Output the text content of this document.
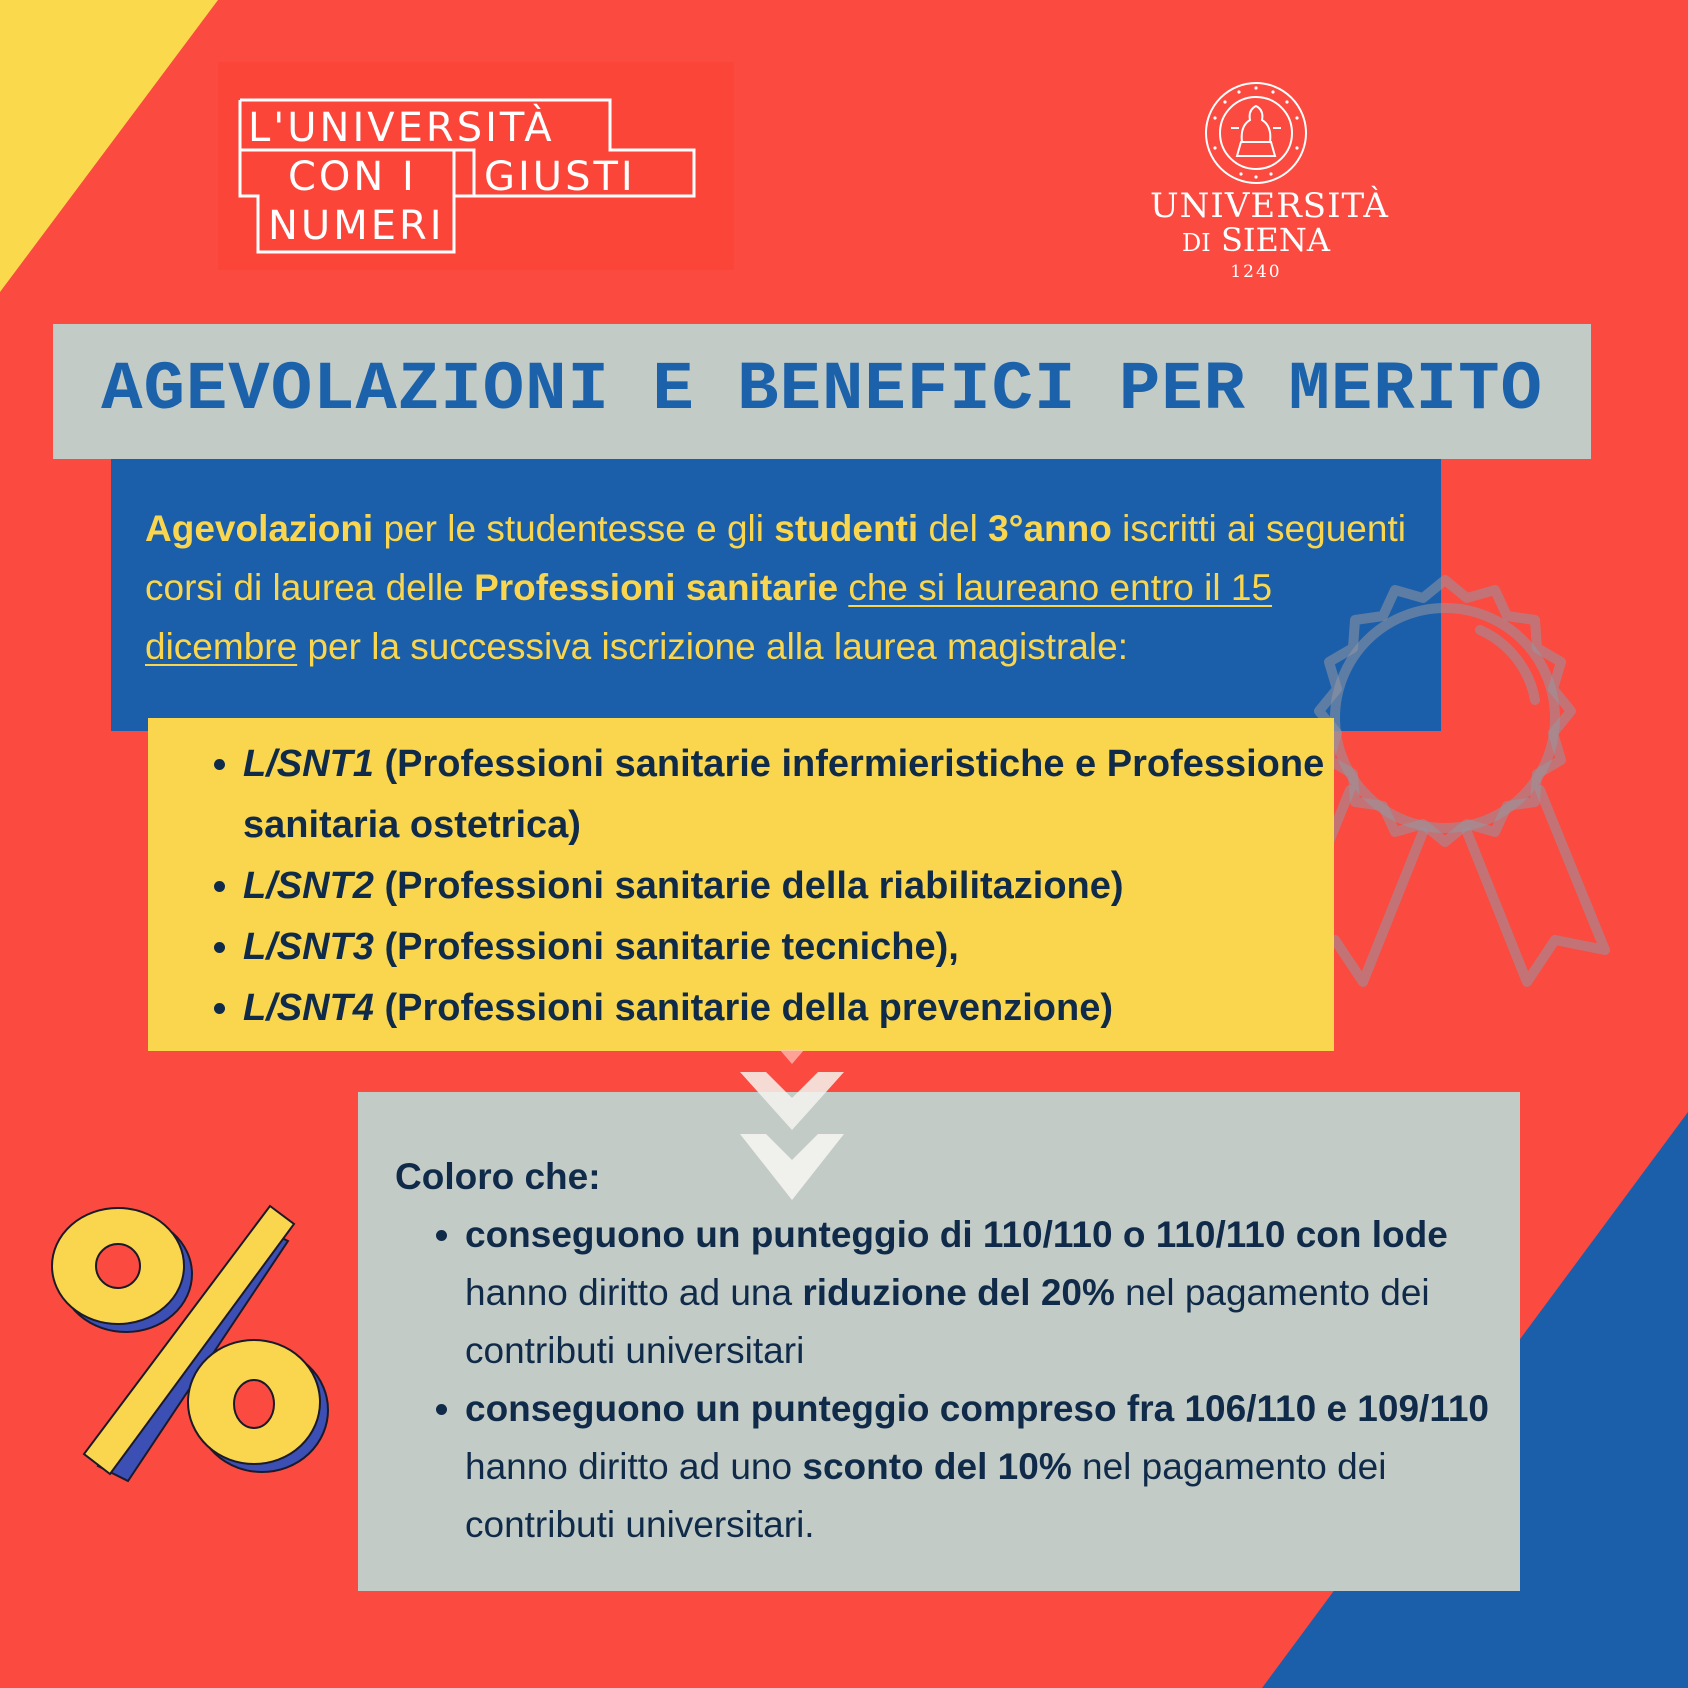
L'UNIVERSITÀ
CON I GIUSTI
NUMERI	UNIVERSITÀ
DI SIENA
1240
AGEVOLAZIONI E BENEFICI PER MERITO
Agevolazioni per le studentesse e gli studenti del 3°anno iscritti ai seguenti corsi di laurea delle Professioni sanitarie che si laureano entro il 15 dicembre per la successiva iscrizione alla laurea magistrale:
• L/SNT1 (Professioni sanitarie infermieristiche e Professione sanitaria ostetrica)
• L/SNT2 (Professioni sanitarie della riabilitazione)
• L/SNT3 (Professioni sanitarie tecniche),
• L/SNT4 (Professioni sanitarie della prevenzione)
Coloro che:
• conseguono un punteggio di 110/110 o 110/110 con lode hanno diritto ad una riduzione del 20% nel pagamento dei contributi universitari
• conseguono un punteggio compreso fra 106/110 e 109/110 hanno diritto ad uno sconto del 10% nel pagamento dei contributi universitari.
